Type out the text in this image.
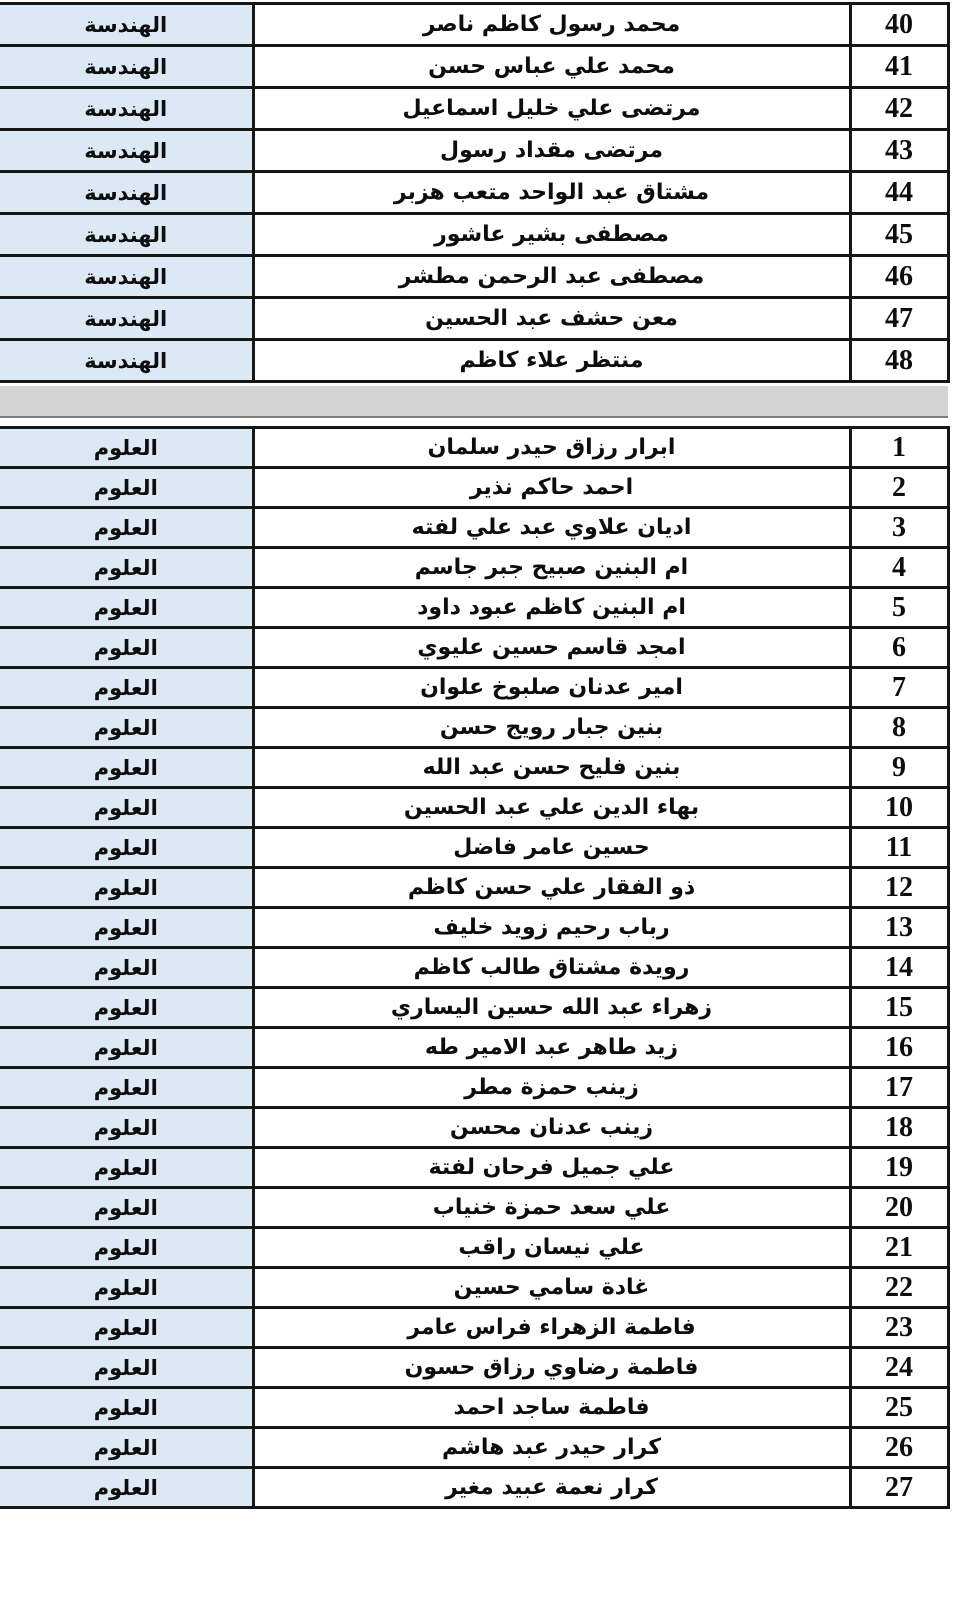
40	محمد رسول كاظم ناصر	الهندسة
41	محمد علي عباس حسن	الهندسة
42	مرتضى علي خليل اسماعيل	الهندسة
43	مرتضى مقداد رسول	الهندسة
44	مشتاق عبد الواحد متعب هزبر	الهندسة
45	مصطفى بشير عاشور	الهندسة
46	مصطفى عبد الرحمن مطشر	الهندسة
47	معن حشف عبد الحسين	الهندسة
48	منتظر علاء كاظم	الهندسة
1	ابرار رزاق حيدر سلمان	العلوم
2	احمد حاكم نذير	العلوم
3	اديان علاوي عبد علي لفته	العلوم
4	ام البنين صبيح جبر جاسم	العلوم
5	ام البنين كاظم عبود داود	العلوم
6	امجد قاسم حسين عليوي	العلوم
7	امير عدنان صلبوخ علوان	العلوم
8	بنين جبار رويج حسن	العلوم
9	بنين فليح حسن عبد الله	العلوم
10	بهاء الدين علي عبد الحسين	العلوم
11	حسين عامر فاضل	العلوم
12	ذو الفقار علي حسن كاظم	العلوم
13	رباب رحيم زويد خليف	العلوم
14	رويدة مشتاق طالب كاظم	العلوم
15	زهراء عبد الله حسين اليساري	العلوم
16	زيد طاهر عبد الامير طه	العلوم
17	زينب حمزة مطر	العلوم
18	زينب عدنان محسن	العلوم
19	علي جميل فرحان لفتة	العلوم
20	علي سعد حمزة خنياب	العلوم
21	علي نيسان راقب	العلوم
22	غادة سامي حسين	العلوم
23	فاطمة الزهراء فراس عامر	العلوم
24	فاطمة رضاوي رزاق حسون	العلوم
25	فاطمة ساجد احمد	العلوم
26	كرار حيدر عبد هاشم	العلوم
27	كرار نعمة عبيد مغير	العلوم
